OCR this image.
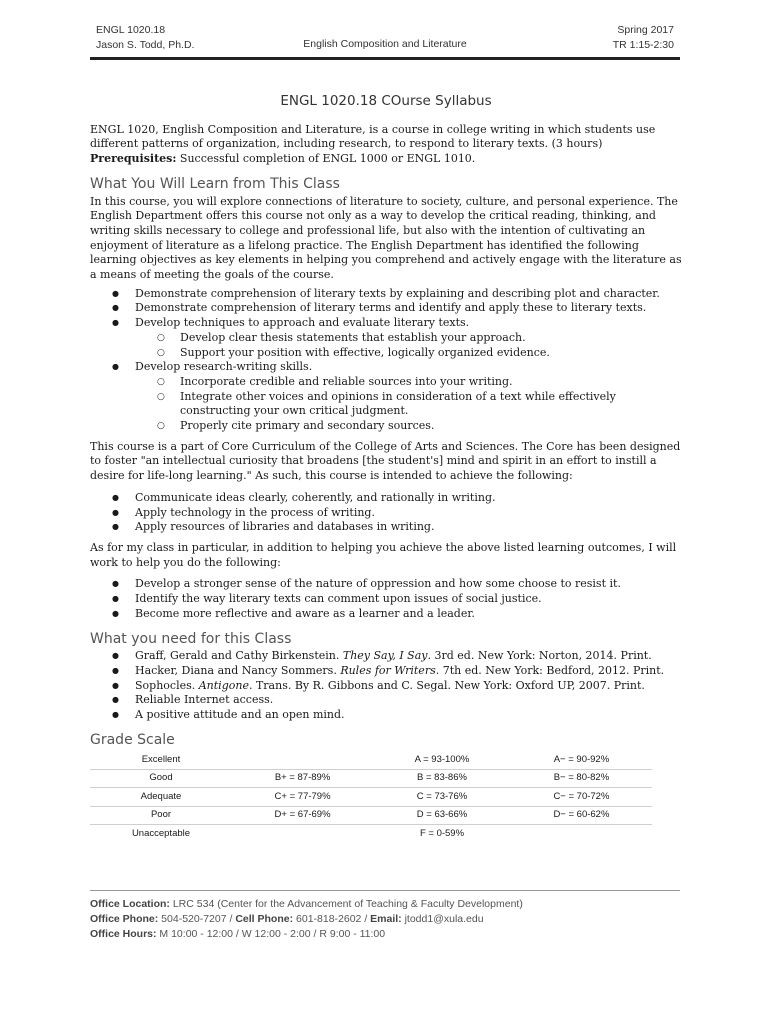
ENGL 1020.18
Jason S. Todd, Ph.D.	English Composition and Literature
Spring 2017
TR 1:15-2:30
ENGL 1020.18 COurse Syllabus

ENGL 1020, English Composition and Literature, is a course in college writing in which students use different patterns of organization, including research, to respond to literary texts. (3 hours)
Prerequisites: Successful completion of ENGL 1000 or ENGL 1010.

What You Will Learn from This Class

In this course, you will explore connections of literature to society, culture, and personal experience. The English Department offers this course not only as a way to develop the critical reading, thinking, and writing skills necessary to college and professional life, but also with the intention of cultivating an enjoyment of literature as a lifelong practice. The English Department has identified the following learning objectives as key elements in helping you comprehend and actively engage with the literature as a means of meeting the goals of the course.

● Demonstrate comprehension of literary texts by explaining and describing plot and character.
● Demonstrate comprehension of literary terms and identify and apply these to literary texts.
● Develop techniques to approach and evaluate literary texts.
○ Develop clear thesis statements that establish your approach.
○ Support your position with effective, logically organized evidence.
● Develop research-writing skills.
○ Incorporate credible and reliable sources into your writing.
○ Integrate other voices and opinions in consideration of a text while effectively constructing your own critical judgment.
○ Properly cite primary and secondary sources.

This course is a part of Core Curriculum of the College of Arts and Sciences. The Core has been designed to foster "an intellectual curiosity that broadens [the student's] mind and spirit in an effort to instill a desire for life-long learning." As such, this course is intended to achieve the following:

● Communicate ideas clearly, coherently, and rationally in writing.
● Apply technology in the process of writing.
● Apply resources of libraries and databases in writing.

As for my class in particular, in addition to helping you achieve the above listed learning outcomes, I will work to help you do the following:

● Develop a stronger sense of the nature of oppression and how some choose to resist it.
● Identify the way literary texts can comment upon issues of social justice.
● Become more reflective and aware as a learner and a leader.
What you need for this Class
● Graff, Gerald and Cathy Birkenstein. They Say, I Say. 3rd ed. New York: Norton, 2014. Print.
● Hacker, Diana and Nancy Sommers. Rules for Writers. 7th ed. New York: Bedford, 2012. Print.
● Sophocles. Antigone. Trans. By R. Gibbons and C. Segal. New York: Oxford UP, 2007. Print.
● Reliable Internet access.
● A positive attitude and an open mind.
Grade Scale
Excellent		A = 93-100%	A− = 90-92%
Good	B+ = 87-89%	B = 83-86%	B− = 80-82%
Adequate	C+ = 77-79%	C = 73-76%	C− = 70-72%
Poor	D+ = 67-69%	D = 63-66%	D− = 60-62%
Unacceptable		F = 0-59%	
Office Location: LRC 534 (Center for the Advancement of Teaching & Faculty Development)
Office Phone: 504-520-7207 / Cell Phone: 601-818-2602 / Email: jtodd1@xula.edu
Office Hours: M 10:00 - 12:00 / W 12:00 - 2:00 / R 9:00 - 11:00
